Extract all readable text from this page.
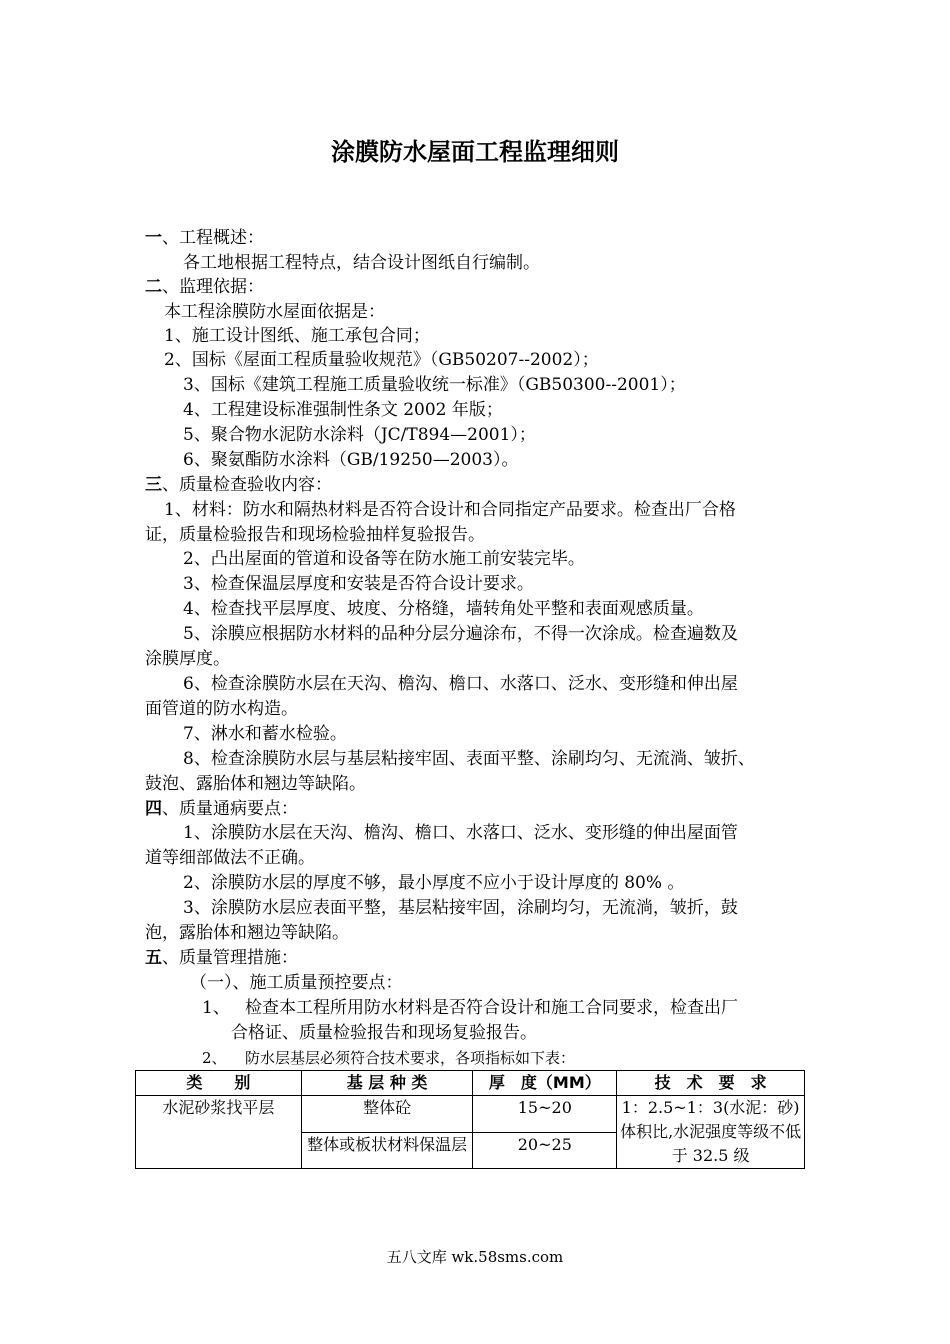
涂膜防水屋面工程监理细则
一、工程概述：
各工地根据工程特点，结合设计图纸自行编制。
二、监理依据：
本工程涂膜防水屋面依据是：
1、施工设计图纸、施工承包合同；
2、国标《屋面工程质量验收规范》（GB50207--2002）；
3、国标《建筑工程施工质量验收统一标准》（GB50300--2001）；
4、工程建设标准强制性条文 2002 年版；
5、聚合物水泥防水涂料（JC/T894—2001）；
6、聚氨酯防水涂料（GB/19250—2003）。
三、质量检查验收内容：
1、材料：防水和隔热材料是否符合设计和合同指定产品要求。检查出厂合格
证，质量检验报告和现场检验抽样复验报告。
2、凸出屋面的管道和设备等在防水施工前安装完毕。
3、检查保温层厚度和安装是否符合设计要求。
4、检查找平层厚度、坡度、分格缝，墙转角处平整和表面观感质量。
5、涂膜应根据防水材料的品种分层分遍涂布，不得一次涂成。检查遍数及
涂膜厚度。
6、检查涂膜防水层在天沟、檐沟、檐口、水落口、泛水、变形缝和伸出屋
面管道的防水构造。
7、淋水和蓄水检验。
8、检查涂膜防水层与基层粘接牢固、表面平整、涂刷均匀、无流淌、皱折、
鼓泡、露胎体和翘边等缺陷。
四、质量通病要点：
1、涂膜防水层在天沟、檐沟、檐口、水落口、泛水、变形缝的伸出屋面管
道等细部做法不正确。
2、涂膜防水层的厚度不够，最小厚度不应小于设计厚度的 80% 。
3、涂膜防水层应表面平整，基层粘接牢固，涂刷均匀，无流淌，皱折，鼓
泡，露胎体和翘边等缺陷。
五、质量管理措施：
（一）、施工质量预控要点：
1、 检查本工程所用防水材料是否符合设计和施工合同要求，检查出厂
合格证、质量检验报告和现场复验报告。
2、 防水层基层必须符合技术要求，各项指标如下表：
类　　别	基 层 种 类	厚　度（MM）	技　术　要　求
水泥砂浆找平层	整体砼	15~20	1：2.5~1：3(水泥：砂)体积比,水泥强度等级不低于 32.5 级
	整体或板状材料保温层	20~25	
五八文库 wk.58sms.com
